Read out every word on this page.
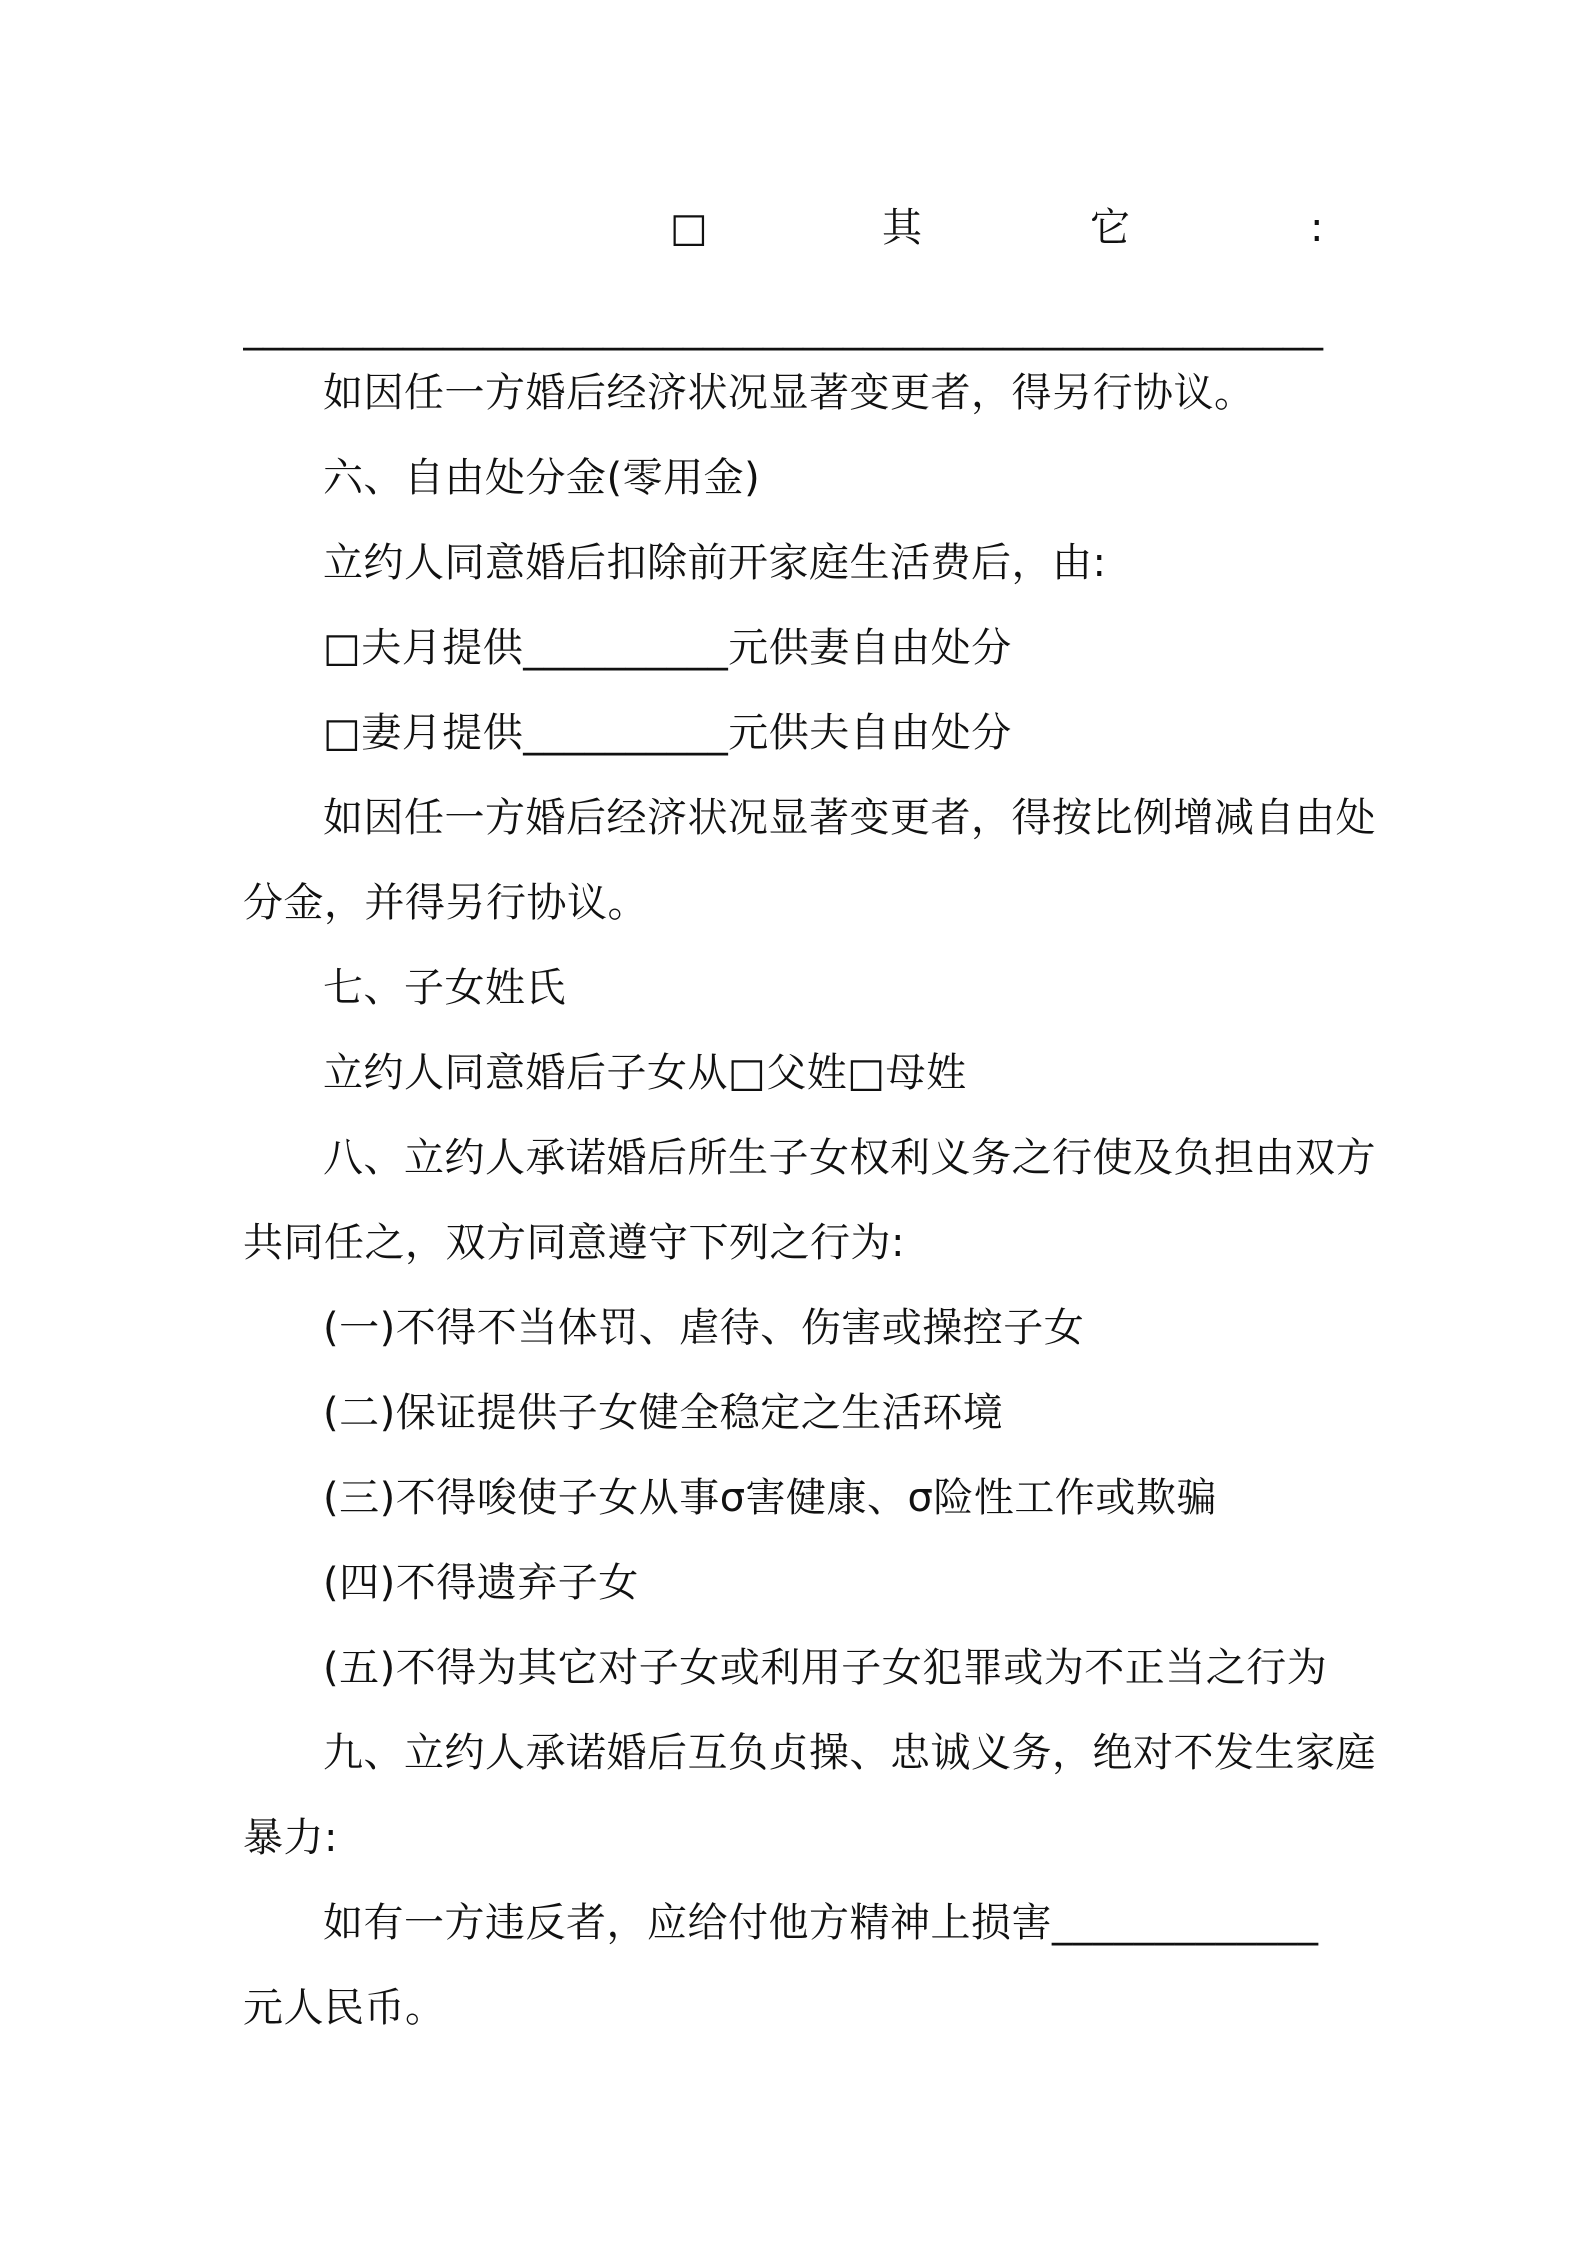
□	其	它	:
______________________________________________________
如因任一方婚后经济状况显著变更者，得另行协议。
六、自由处分金(零用金)
立约人同意婚后扣除前开家庭生活费后，由:
□夫月提供__________元供妻自由处分
□妻月提供__________元供夫自由处分
如因任一方婚后经济状况显著变更者，得按比例增减自由处
分金，并得另行协议。
七、子女姓氏
立约人同意婚后子女从□父姓□母姓
八、立约人承诺婚后所生子女权利义务之行使及负担由双方
共同任之，双方同意遵守下列之行为:
(一)不得不当体罚、虐待、伤害或操控子女
(二)保证提供子女健全稳定之生活环境
(三)不得唆使子女从事σ害健康、σ险性工作或欺骗
(四)不得遗弃子女
(五)不得为其它对子女或利用子女犯罪或为不正当之行为
九、立约人承诺婚后互负贞操、忠诚义务，绝对不发生家庭
暴力:
如有一方违反者，应给付他方精神上损害_____________
元人民币。
